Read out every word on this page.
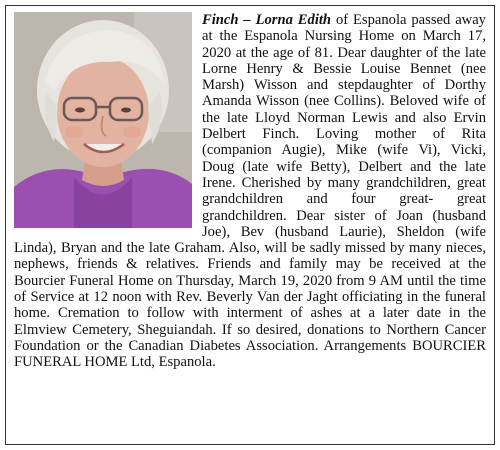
Finch – Lorna Edith of Espanola passed away at the Espanola Nursing Home on March 17, 2020 at the age of 81. Dear daughter of the late Lorne Henry & Bessie Louise Bennet (nee Marsh) Wisson and stepdaughter of Dorthy Amanda Wisson (nee Collins). Beloved wife of the late Lloyd Norman Lewis and also Ervin Delbert Finch. Loving mother of Rita (companion Augie), Mike (wife Vi), Vicki, Doug (late wife Betty), Delbert and the late Irene. Cherished by many grandchildren, great grandchildren and four great- great grandchildren. Dear sister of Joan (husband Joe), Bev (husband Laurie), Sheldon (wife Linda), Bryan and the late Graham. Also, will be sadly missed by many nieces, nephews, friends & relatives. Friends and family may be received at the Bourcier Funeral Home on Thursday, March 19, 2020 from 9 AM until the time of Service at 12 noon with Rev. Beverly Van der Jaght officiating in the funeral home. Cremation to follow with interment of ashes at a later date in the Elmview Cemetery, Sheguiandah. If so desired, donations to Northern Cancer Foundation or the Canadian Diabetes Association. Arrangements BOURCIER FUNERAL HOME Ltd, Espanola.
